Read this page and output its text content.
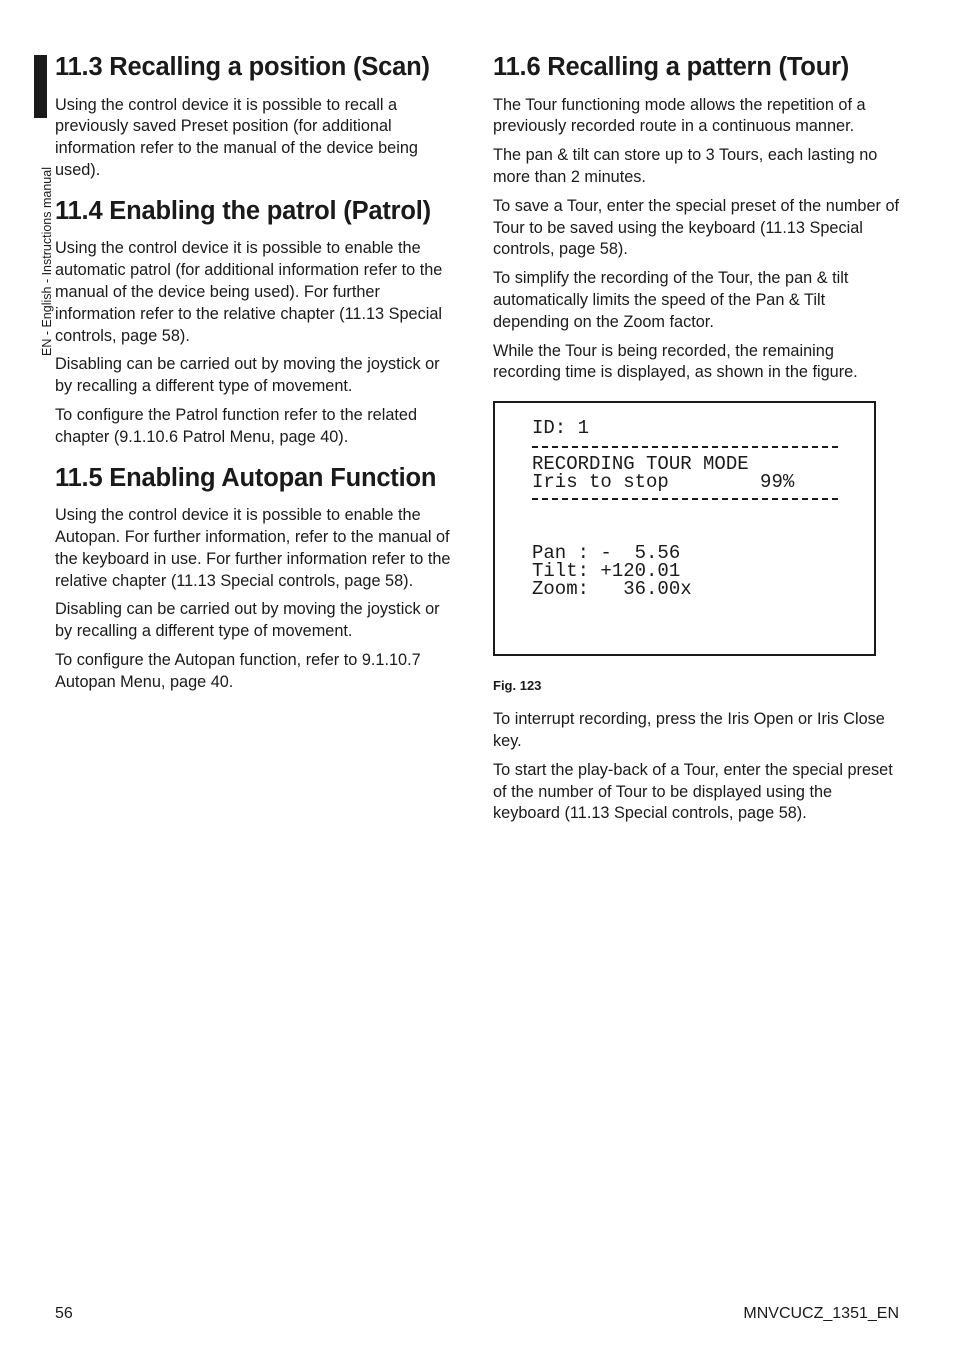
EN - English - Instructions manual
11.3 Recalling a position (Scan)

Using the control device it is possible to recall a previously saved Preset position (for additional information refer to the manual of the device being used).

11.4 Enabling the patrol (Patrol)

Using the control device it is possible to enable the automatic patrol (for additional information refer to the manual of the device being used). For further information refer to the relative chapter (11.13 Special controls, page 58).

Disabling can be carried out by moving the joystick or by recalling a different type of movement.

To configure the Patrol function refer to the related chapter (9.1.10.6 Patrol Menu, page 40).

11.5 Enabling Autopan Function

Using the control device it is possible to enable the Autopan. For further information, refer to the manual of the keyboard in use. For further information refer to the relative chapter (11.13 Special controls, page 58).

Disabling can be carried out by moving the joystick or by recalling a different type of movement.

To configure the Autopan function, refer to 9.1.10.7 Autopan Menu, page 40.

11.6 Recalling a pattern (Tour)

The Tour functioning mode allows the repetition of a previously recorded route in a continuous manner.

The pan & tilt can store up to 3 Tours, each lasting no more than 2 minutes.

To save a Tour, enter the special preset of the number of Tour to be saved using the keyboard (11.13 Special controls, page 58).

To simplify the recording of the Tour, the pan & tilt automatically limits the speed of the Pan & Tilt depending on the Zoom factor.

While the Tour is being recorded, the remaining recording time is displayed, as shown in the figure.

ID: 1
RECORDING TOUR MODE
Iris to stop        99%
Pan : -  5.56
Tilt: +120.01
Zoom:   36.00x
Fig. 123

To interrupt recording, press the Iris Open or Iris Close key.

To start the play-back of a Tour, enter the special preset of the number of Tour to be displayed using the keyboard (11.13 Special controls, page 58).

56	MNVCUCZ_1351_EN
